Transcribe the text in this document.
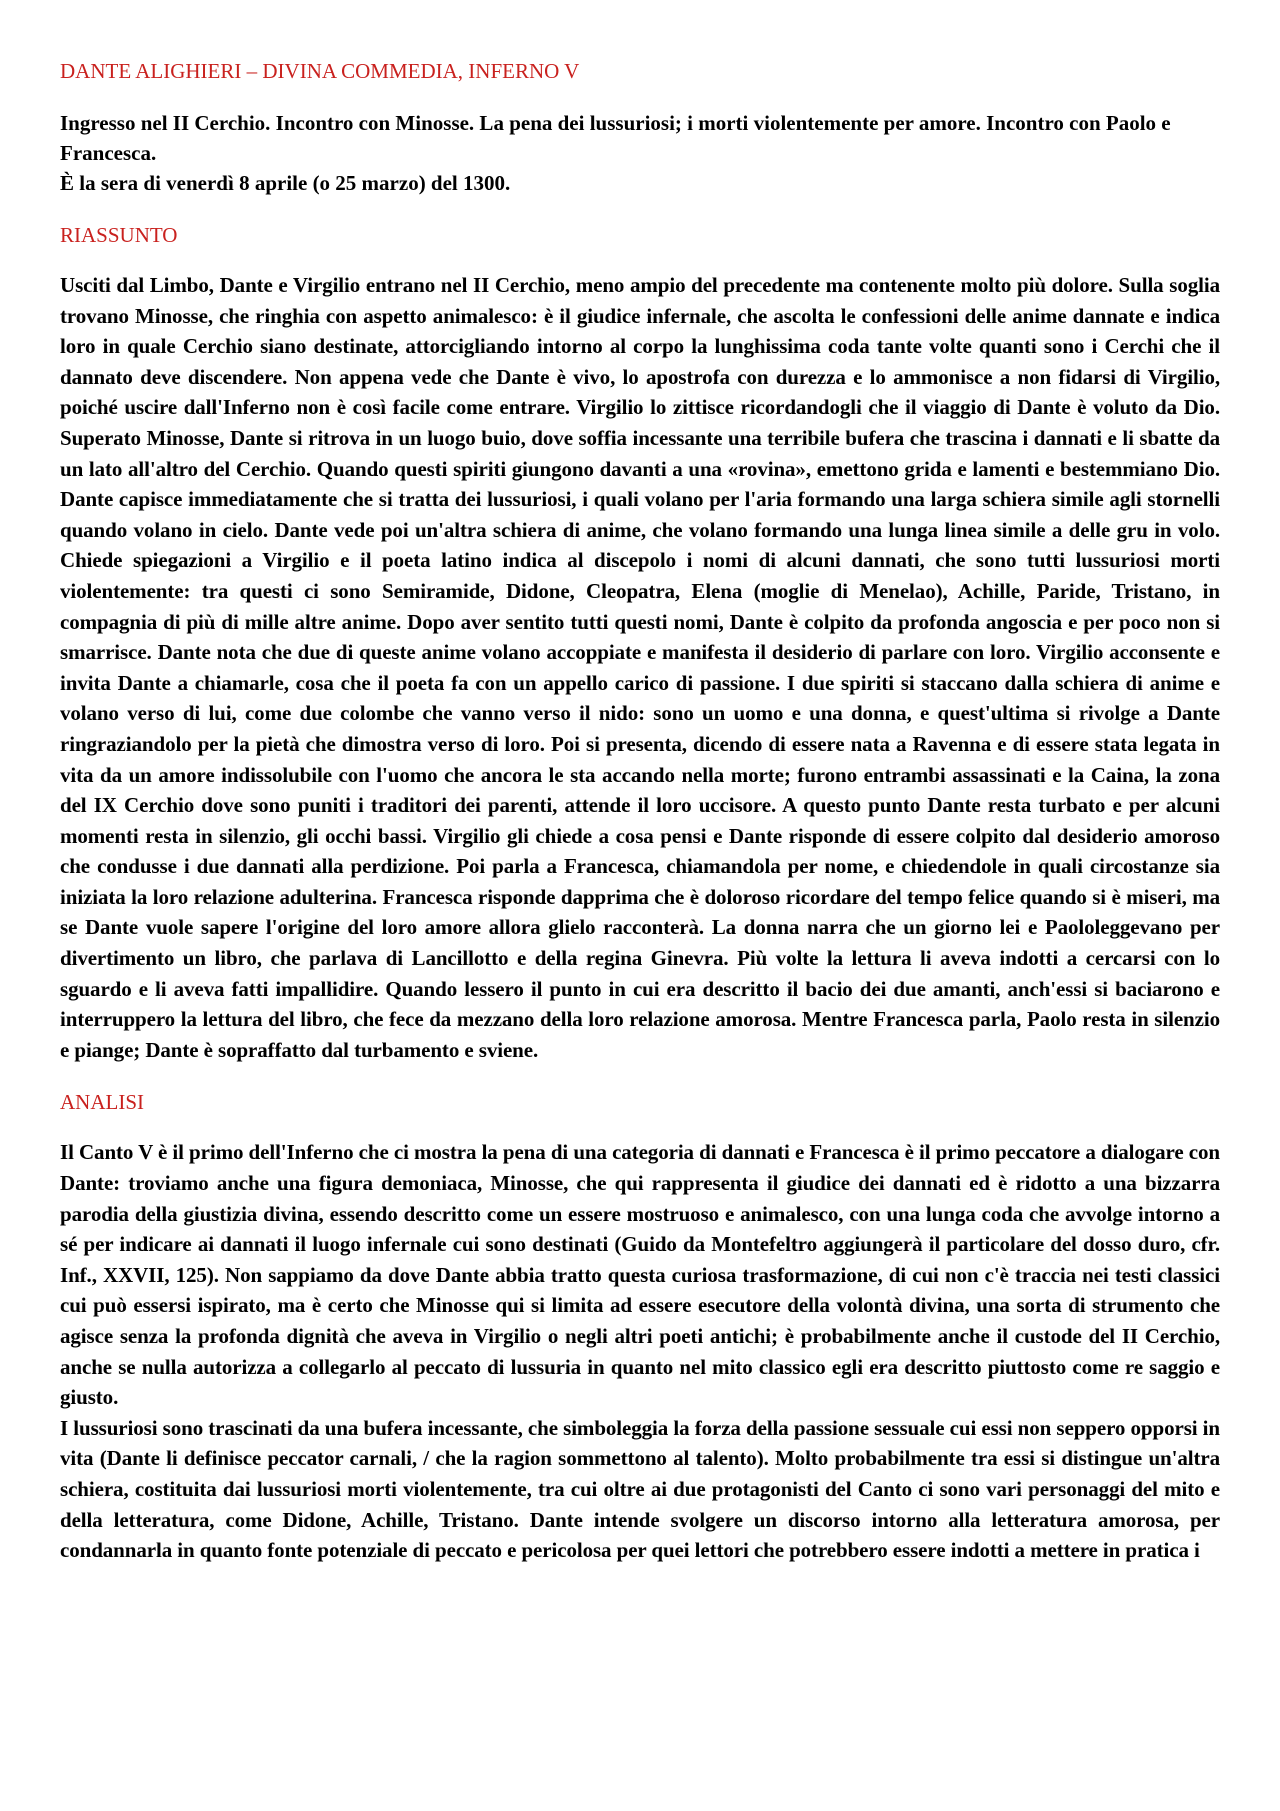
DANTE ALIGHIERI – DIVINA COMMEDIA, INFERNO V
Ingresso nel II Cerchio. Incontro con Minosse. La pena dei lussuriosi; i morti violentemente per amore. Incontro con Paolo e Francesca.
È la sera di venerdì 8 aprile (o 25 marzo) del 1300.
RIASSUNTO

Usciti dal Limbo, Dante e Virgilio entrano nel II Cerchio, meno ampio del precedente ma contenente molto più dolore. Sulla soglia trovano Minosse, che ringhia con aspetto animalesco: è il giudice infernale, che ascolta le confessioni delle anime dannate e indica loro in quale Cerchio siano destinate, attorcigliando intorno al corpo la lunghissima coda tante volte quanti sono i Cerchi che il dannato deve discendere. Non appena vede che Dante è vivo, lo apostrofa con durezza e lo ammonisce a non fidarsi di Virgilio, poiché uscire dall'Inferno non è così facile come entrare. Virgilio lo zittisce ricordandogli che il viaggio di Dante è voluto da Dio. Superato Minosse, Dante si ritrova in un luogo buio, dove soffia incessante una terribile bufera che trascina i dannati e li sbatte da un lato all'altro del Cerchio. Quando questi spiriti giungono davanti a una «rovina», emettono grida e lamenti e bestemmiano Dio. Dante capisce immediatamente che si tratta dei lussuriosi, i quali volano per l'aria formando una larga schiera simile agli stornelli quando volano in cielo. Dante vede poi un'altra schiera di anime, che volano formando una lunga linea simile a delle gru in volo. Chiede spiegazioni a Virgilio e il poeta latino indica al discepolo i nomi di alcuni dannati, che sono tutti lussuriosi morti violentemente: tra questi ci sono Semiramide, Didone, Cleopatra, Elena (moglie di Menelao), Achille, Paride, Tristano, in compagnia di più di mille altre anime. Dopo aver sentito tutti questi nomi, Dante è colpito da profonda angoscia e per poco non si smarrisce. Dante nota che due di queste anime volano accoppiate e manifesta il desiderio di parlare con loro. Virgilio acconsente e invita Dante a chiamarle, cosa che il poeta fa con un appello carico di passione. I due spiriti si staccano dalla schiera di anime e volano verso di lui, come due colombe che vanno verso il nido: sono un uomo e una donna, e quest'ultima si rivolge a Dante ringraziandolo per la pietà che dimostra verso di loro. Poi si presenta, dicendo di essere nata a Ravenna e di essere stata legata in vita da un amore indissolubile con l'uomo che ancora le sta accando nella morte; furono entrambi assassinati e la Caina, la zona del IX Cerchio dove sono puniti i traditori dei parenti, attende il loro uccisore. A questo punto Dante resta turbato e per alcuni momenti resta in silenzio, gli occhi bassi. Virgilio gli chiede a cosa pensi e Dante risponde di essere colpito dal desiderio amoroso che condusse i due dannati alla perdizione. Poi parla a Francesca, chiamandola per nome, e chiedendole in quali circostanze sia iniziata la loro relazione adulterina. Francesca risponde dapprima che è doloroso ricordare del tempo felice quando si è miseri, ma se Dante vuole sapere l'origine del loro amore allora glielo racconterà. La donna narra che un giorno lei e Paololeggevano per divertimento un libro, che parlava di Lancillotto e della regina Ginevra. Più volte la lettura li aveva indotti a cercarsi con lo sguardo e li aveva fatti impallidire. Quando lessero il punto in cui era descritto il bacio dei due amanti, anch'essi si baciarono e interruppero la lettura del libro, che fece da mezzano della loro relazione amorosa. Mentre Francesca parla, Paolo resta in silenzio e piange; Dante è sopraffatto dal turbamento e sviene.

ANALISI

Il Canto V è il primo dell'Inferno che ci mostra la pena di una categoria di dannati e Francesca è il primo peccatore a dialogare con Dante: troviamo anche una figura demoniaca, Minosse, che qui rappresenta il giudice dei dannati ed è ridotto a una bizzarra parodia della giustizia divina, essendo descritto come un essere mostruoso e animalesco, con una lunga coda che avvolge intorno a sé per indicare ai dannati il luogo infernale cui sono destinati (Guido da Montefeltro aggiungerà il particolare del dosso duro, cfr. Inf., XXVII, 125). Non sappiamo da dove Dante abbia tratto questa curiosa trasformazione, di cui non c'è traccia nei testi classici cui può essersi ispirato, ma è certo che Minosse qui si limita ad essere esecutore della volontà divina, una sorta di strumento che agisce senza la profonda dignità che aveva in Virgilio o negli altri poeti antichi; è probabilmente anche il custode del II Cerchio, anche se nulla autorizza a collegarlo al peccato di lussuria in quanto nel mito classico egli era descritto piuttosto come re saggio e giusto.

I lussuriosi sono trascinati da una bufera incessante, che simboleggia la forza della passione sessuale cui essi non seppero opporsi in vita (Dante li definisce peccator carnali, / che la ragion sommettono al talento). Molto probabilmente tra essi si distingue un'altra schiera, costituita dai lussuriosi morti violentemente, tra cui oltre ai due protagonisti del Canto ci sono vari personaggi del mito e della letteratura, come Didone, Achille, Tristano. Dante intende svolgere un discorso intorno alla letteratura amorosa, per condannarla in quanto fonte potenziale di peccato e pericolosa per quei lettori che potrebbero essere indotti a mettere in pratica i
